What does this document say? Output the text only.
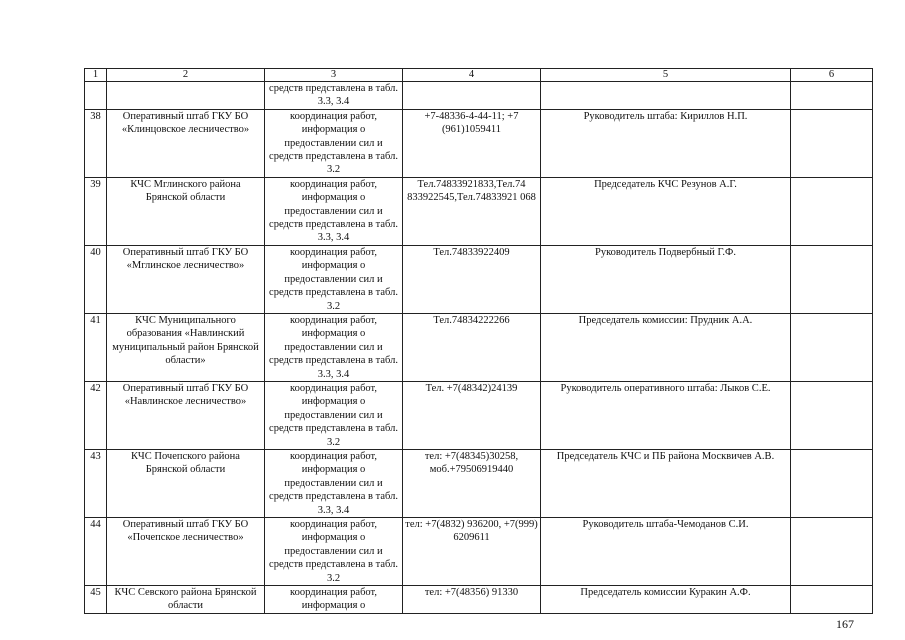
1	2	3	4	5	6
		средств представлена в табл. 3.3, 3.4			
38	Оперативный штаб ГКУ БО «Клинцовское лесничество»	координация работ, информация о предоставлении сил и средств представлена в табл. 3.2	+7-48336-4-44-11; +7 (961)1059411	Руководитель штаба: Кириллов Н.П.	
39	КЧС Мглинского района Брянской области	координация работ, информация о предоставлении сил и средств представлена в табл. 3.3, 3.4	Тел.74833921833,Тел.74 833922545,Тел.74833921 068	Председатель КЧС Резунов А.Г.	
40	Оперативный штаб ГКУ БО «Мглинское лесничество»	координация работ, информация о предоставлении сил и средств представлена в табл. 3.2	Тел.74833922409	Руководитель Подвербный Г.Ф.	
41	КЧС Муниципального образования «Навлинский муниципальный район Брянской области»	координация работ, информация о предоставлении сил и средств представлена в табл. 3.3, 3.4	Тел.74834222266	Председатель комиссии: Прудник А.А.	
42	Оперативный штаб ГКУ БО «Навлинское лесничество»	координация работ, информация о предоставлении сил и средств представлена в табл. 3.2	Тел. +7(48342)24139	Руководитель оперативного штаба: Лыков С.Е.	
43	КЧС Почепского района Брянской области	координация работ, информация о предоставлении сил и средств представлена в табл. 3.3, 3.4	тел: +7(48345)30258, моб.+79506919440	Председатель КЧС и ПБ района Москвичев А.В.	
44	Оперативный штаб ГКУ БО «Почепское лесничество»	координация работ, информация о предоставлении сил и средств представлена в табл. 3.2	тел: +7(4832) 936200, +7(999) 6209611	Руководитель штаба-Чемоданов С.И.	
45	КЧС Севского района Брянской области	координация работ, информация о	тел: +7(48356) 91330	Председатель комиссии Куракин А.Ф.	
167
